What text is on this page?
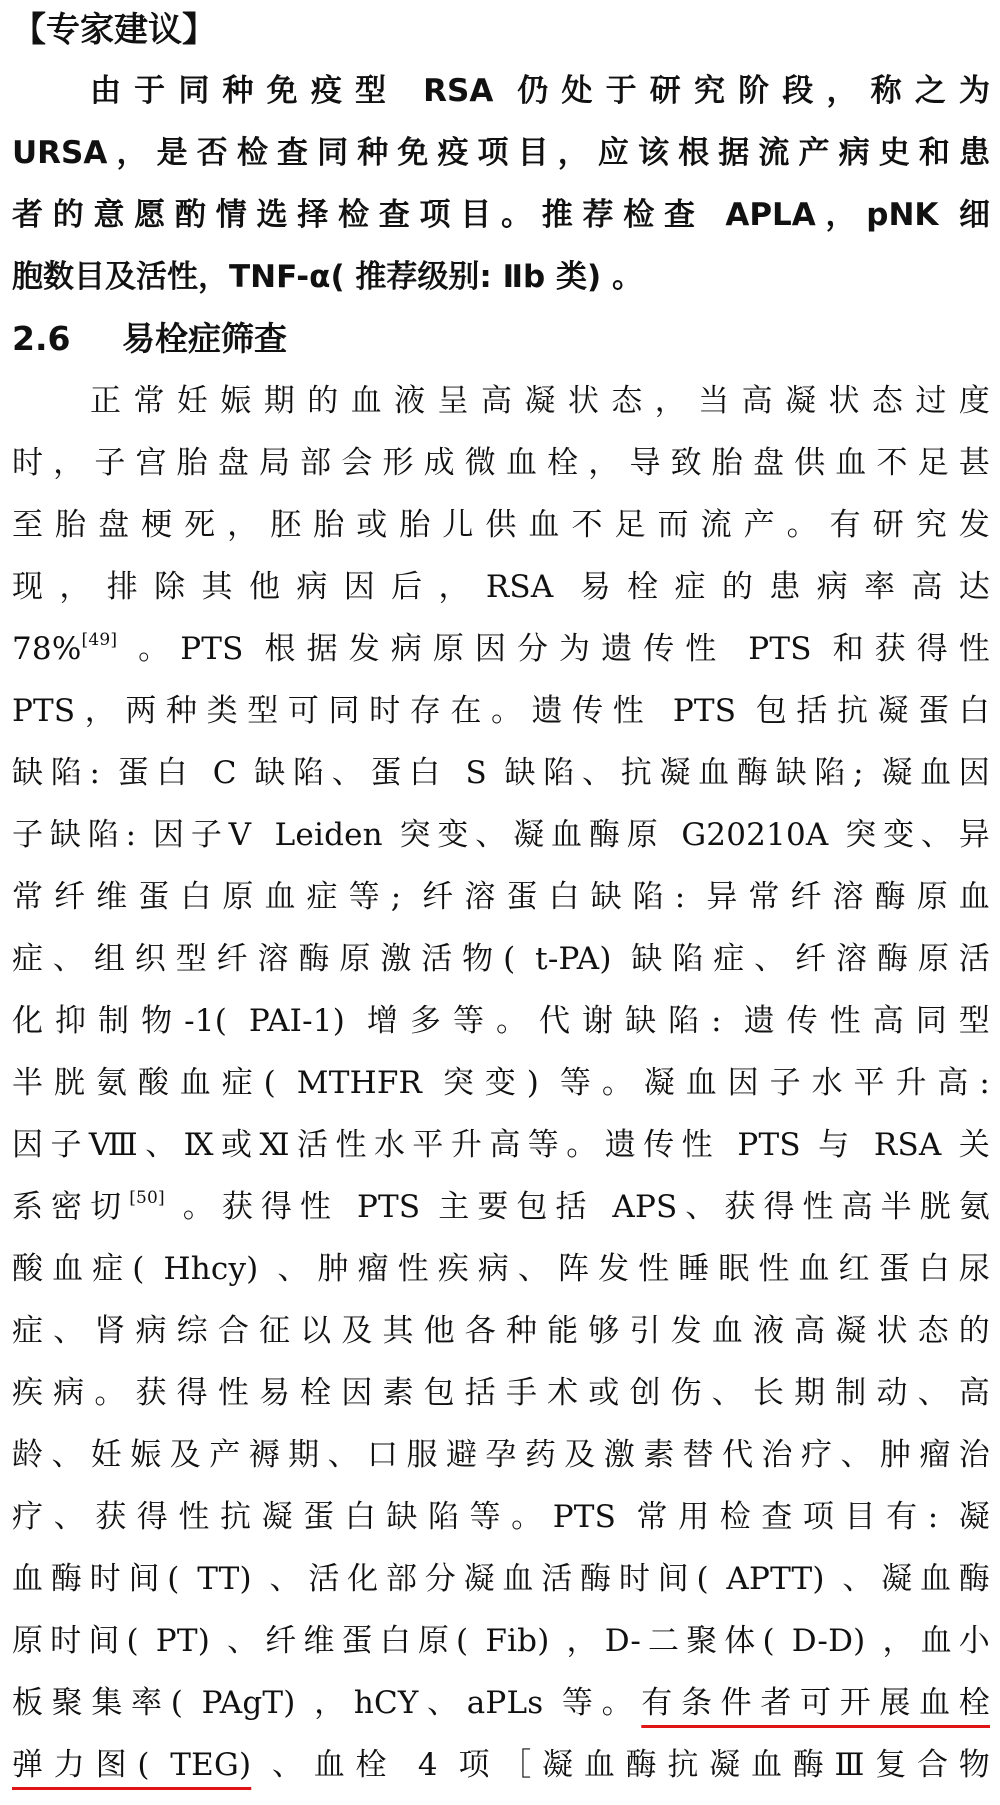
【专家建议】
由于同种免疫型 RSA 仍处于研究阶段，称之为
URSA，是否检查同种免疫项目，应该根据流产病史和患
者的意愿酌情选择检查项目。推荐检查 APLA，pNK 细
胞数目及活性，TNF-α( 推荐级别: Ⅱb 类) 。
2.6 易栓症筛查
正常妊娠期的血液呈高凝状态，当高凝状态过度
时，子宫胎盘局部会形成微血栓，导致胎盘供血不足甚
至胎盘梗死，胚胎或胎儿供血不足而流产。有研究发
现，排除其他病因后，RSA 易栓症的患病率高达
78%[49] 。PTS 根据发病原因分为遗传性 PTS 和获得性
PTS，两种类型可同时存在。遗传性 PTS 包括抗凝蛋白
缺陷: 蛋白 C 缺陷、蛋白 S 缺陷、抗凝血酶缺陷; 凝血因
子缺陷: 因子Ⅴ Leiden 突变、凝血酶原 G20210A 突变、异
常纤维蛋白原血症等; 纤溶蛋白缺陷: 异常纤溶酶原血
症、组织型纤溶酶原激活物( t-PA) 缺陷症、纤溶酶原活
化抑制物-1( PAI-1) 增多等。代谢缺陷: 遗传性高同型
半胱氨酸血症( MTHFR 突变) 等。凝血因子水平升高:
因子Ⅷ、Ⅸ或Ⅺ活性水平升高等。遗传性 PTS 与 RSA 关
系密切[50] 。获得性 PTS 主要包括 APS、获得性高半胱氨
酸血症( Hhcy) 、肿瘤性疾病、阵发性睡眠性血红蛋白尿
症、肾病综合征以及其他各种能够引发血液高凝状态的
疾病。获得性易栓因素包括手术或创伤、长期制动、高
龄、妊娠及产褥期、口服避孕药及激素替代治疗、肿瘤治
疗、获得性抗凝蛋白缺陷等。PTS 常用检查项目有: 凝
血酶时间( TT) 、活化部分凝血活酶时间( APTT) 、凝血酶
原时间( PT) 、纤维蛋白原( Fib) ，D-二聚体( D-D) ，血小
板聚集率( PAgT) ，hCY、aPLs 等。有条件者可开展血栓
弹力图( TEG) 、血栓 4 项［凝血酶抗凝血酶Ⅲ复合物
